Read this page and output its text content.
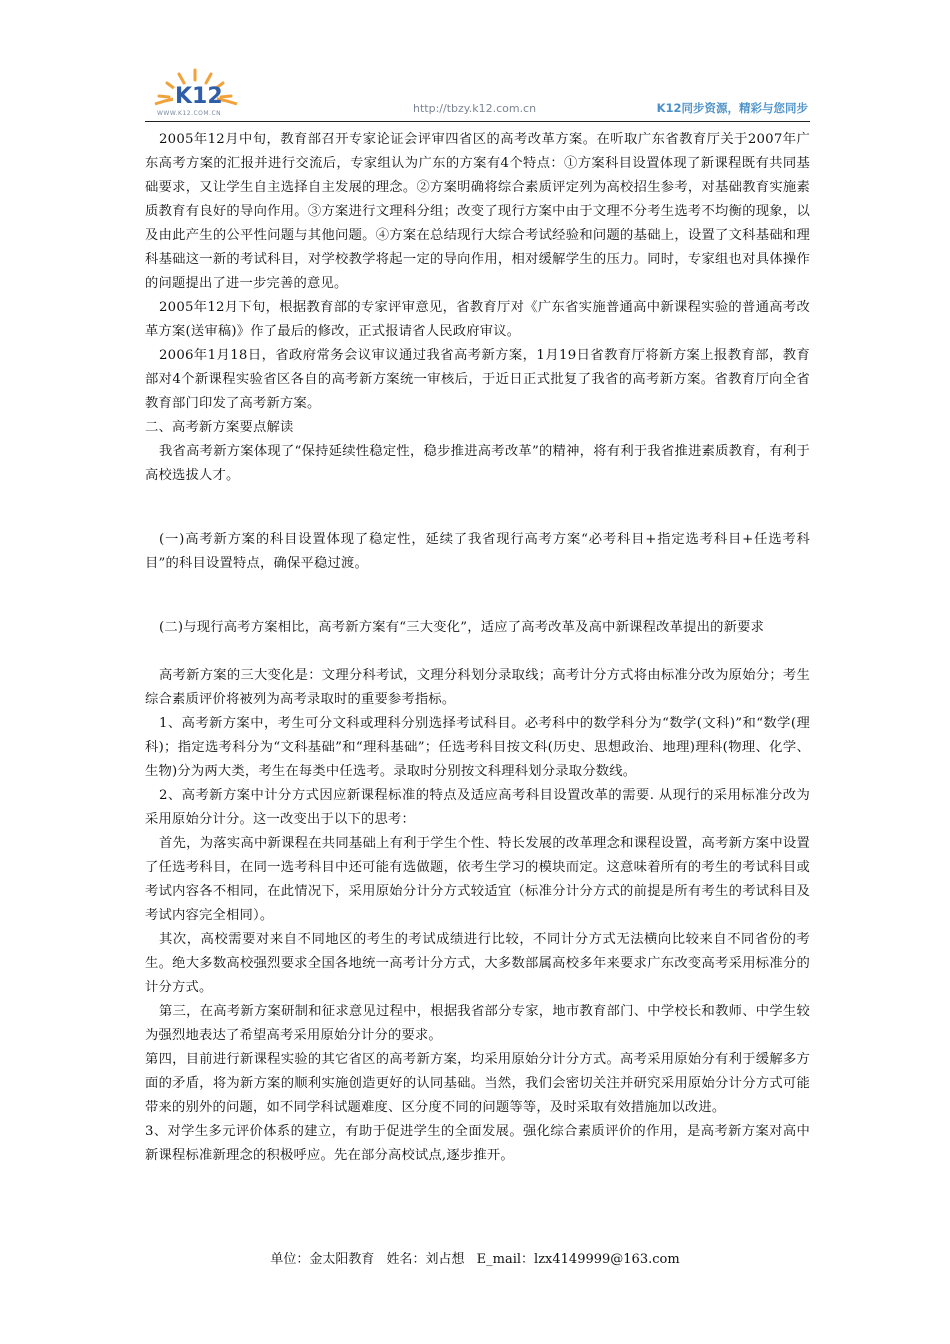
K12
WWW.K12.COM.CN	http://tbzy.k12.com.cn	K12同步资源，精彩与您同步

2005年12月中旬，教育部召开专家论证会评审四省区的高考改革方案。在听取广东省教育厅关于2007年广东高考方案的汇报并进行交流后，专家组认为广东的方案有4个特点：①方案科目设置体现了新课程既有共同基础要求，又让学生自主选择自主发展的理念。②方案明确将综合素质评定列为高校招生参考，对基础教育实施素质教育有良好的导向作用。③方案进行文理科分组；改变了现行方案中由于文理不分考生选考不均衡的现象，以及由此产生的公平性问题与其他问题。④方案在总结现行大综合考试经验和问题的基础上，设置了文科基础和理科基础这一新的考试科目，对学校教学将起一定的导向作用，相对缓解学生的压力。同时，专家组也对具体操作的问题提出了进一步完善的意见。

2005年12月下旬，根据教育部的专家评审意见，省教育厅对《广东省实施普通高中新课程实验的普通高考改革方案(送审稿)》作了最后的修改，正式报请省人民政府审议。

2006年1月18日，省政府常务会议审议通过我省高考新方案，1月19日省教育厅将新方案上报教育部，教育部对4个新课程实验省区各自的高考新方案统一审核后，于近日正式批复了我省的高考新方案。省教育厅向全省教育部门印发了高考新方案。

二、高考新方案要点解读

我省高考新方案体现了“保持延续性稳定性，稳步推进高考改革”的精神，将有利于我省推进素质教育，有利于高校选拔人才。

(一)高考新方案的科目设置体现了稳定性，延续了我省现行高考方案“必考科目+指定选考科目+任选考科目”的科目设置特点，确保平稳过渡。

(二)与现行高考方案相比，高考新方案有“三大变化”，适应了高考改革及高中新课程改革提出的新要求

高考新方案的三大变化是：文理分科考试，文理分科划分录取线；高考计分方式将由标准分改为原始分；考生综合素质评价将被列为高考录取时的重要参考指标。

1、高考新方案中，考生可分文科或理科分别选择考试科目。必考科中的数学科分为“数学(文科)”和“数学(理科)；指定选考科分为“文科基础”和“理科基础”；任选考科目按文科(历史、思想政治、地理)理科(物理、化学、生物)分为两大类，考生在每类中任选考。录取时分别按文科理科划分录取分数线。

2、高考新方案中计分方式因应新课程标准的特点及适应高考科目设置改革的需要. 从现行的采用标准分改为采用原始分计分。这一改变出于以下的思考：

首先，为落实高中新课程在共同基础上有利于学生个性、特长发展的改革理念和课程设置，高考新方案中设置了任选考科目，在同一选考科目中还可能有选做题，依考生学习的模块而定。这意味着所有的考生的考试科目或考试内容各不相同，在此情况下，采用原始分计分方式较适宜（标准分计分方式的前提是所有考生的考试科目及考试内容完全相同）。

其次，高校需要对来自不同地区的考生的考试成绩进行比较，不同计分方式无法横向比较来自不同省份的考生。绝大多数高校强烈要求全国各地统一高考计分方式，大多数部属高校多年来要求广东改变高考采用标准分的计分方式。

第三，在高考新方案研制和征求意见过程中，根据我省部分专家，地市教育部门、中学校长和教师、中学生较为强烈地表达了希望高考采用原始分计分的要求。

第四，目前进行新课程实验的其它省区的高考新方案，均采用原始分计分方式。高考采用原始分有利于缓解多方面的矛盾，将为新方案的顺利实施创造更好的认同基础。当然，我们会密切关注并研究采用原始分计分方式可能带来的别外的问题，如不同学科试题难度、区分度不同的问题等等，及时采取有效措施加以改进。

3、对学生多元评价体系的建立，有助于促进学生的全面发展。强化综合素质评价的作用，是高考新方案对高中新课程标准新理念的积极呼应。先在部分高校试点,逐步推开。

单位：金太阳教育 姓名：刘占想 E_mail：lzx4149999@163.com
